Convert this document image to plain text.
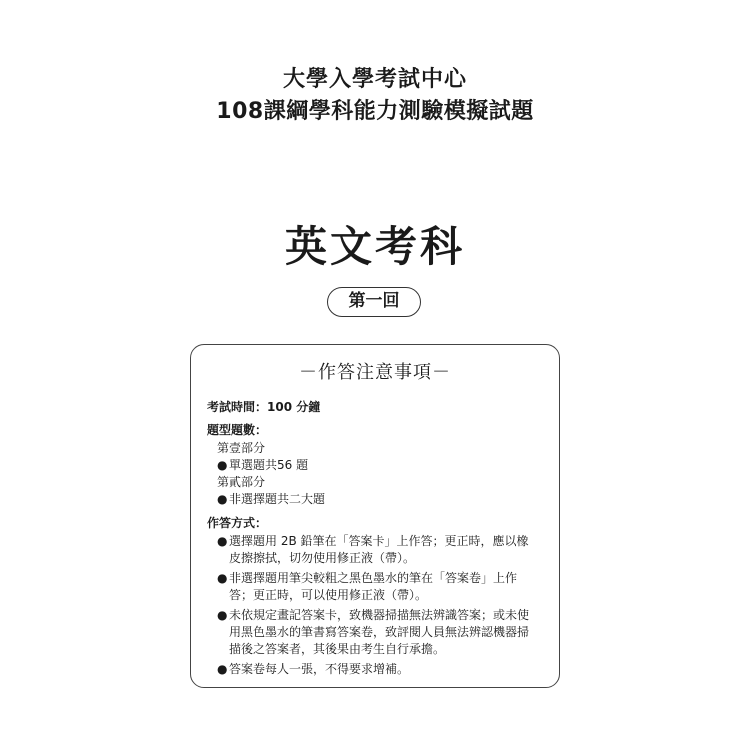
大學入學考試中心
108課綱學科能力測驗模擬試題
英文考科
第一回
－作答注意事項－
考試時間：100 分鐘
題型題數：
第壹部分
● 單選題共56 題
第貳部分
● 非選擇題共二大題
作答方式：
● 選擇題用 2B 鉛筆在「答案卡」上作答；更正時，應以橡
皮擦擦拭，切勿使用修正液（帶）。
● 非選擇題用筆尖較粗之黑色墨水的筆在「答案卷」上作
答；更正時，可以使用修正液（帶）。
● 未依規定畫記答案卡，致機器掃描無法辨識答案；或未使
用黑色墨水的筆書寫答案卷，致評閱人員無法辨認機器掃
描後之答案者，其後果由考生自行承擔。
● 答案卷每人一張，不得要求增補。
